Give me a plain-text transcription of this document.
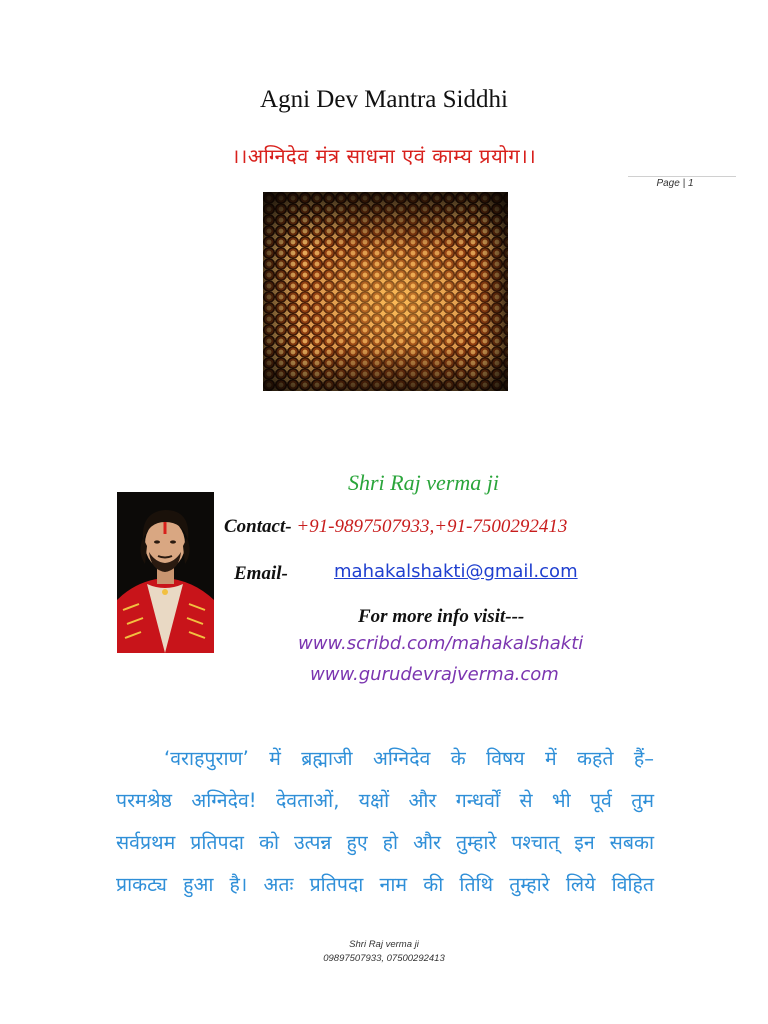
Agni Dev Mantra Siddhi
।।अग्निदेव मंत्र साधना एवं काम्य प्रयोग।।
Page | 1
Shri Raj verma ji
Contact- +91-9897507933,+91-7500292413
Email-	mahakalshakti@gmail.com
For more info visit---
www.scribd.com/mahakalshakti
www.gurudevrajverma.com
‘वराहपुराण’ में ब्रह्माजी अग्निदेव के विषय में कहते हैं–
परमश्रेष्ठ अग्निदेव! देवताओं, यक्षों और गन्धर्वों से भी पूर्व तुम
सर्वप्रथम प्रतिपदा को उत्पन्न हुए हो और तुम्हारे पश्चात् इन सबका
प्राकट्य हुआ है। अतः प्रतिपदा नाम की तिथि तुम्हारे लिये विहित
Shri Raj verma ji
09897507933, 07500292413
